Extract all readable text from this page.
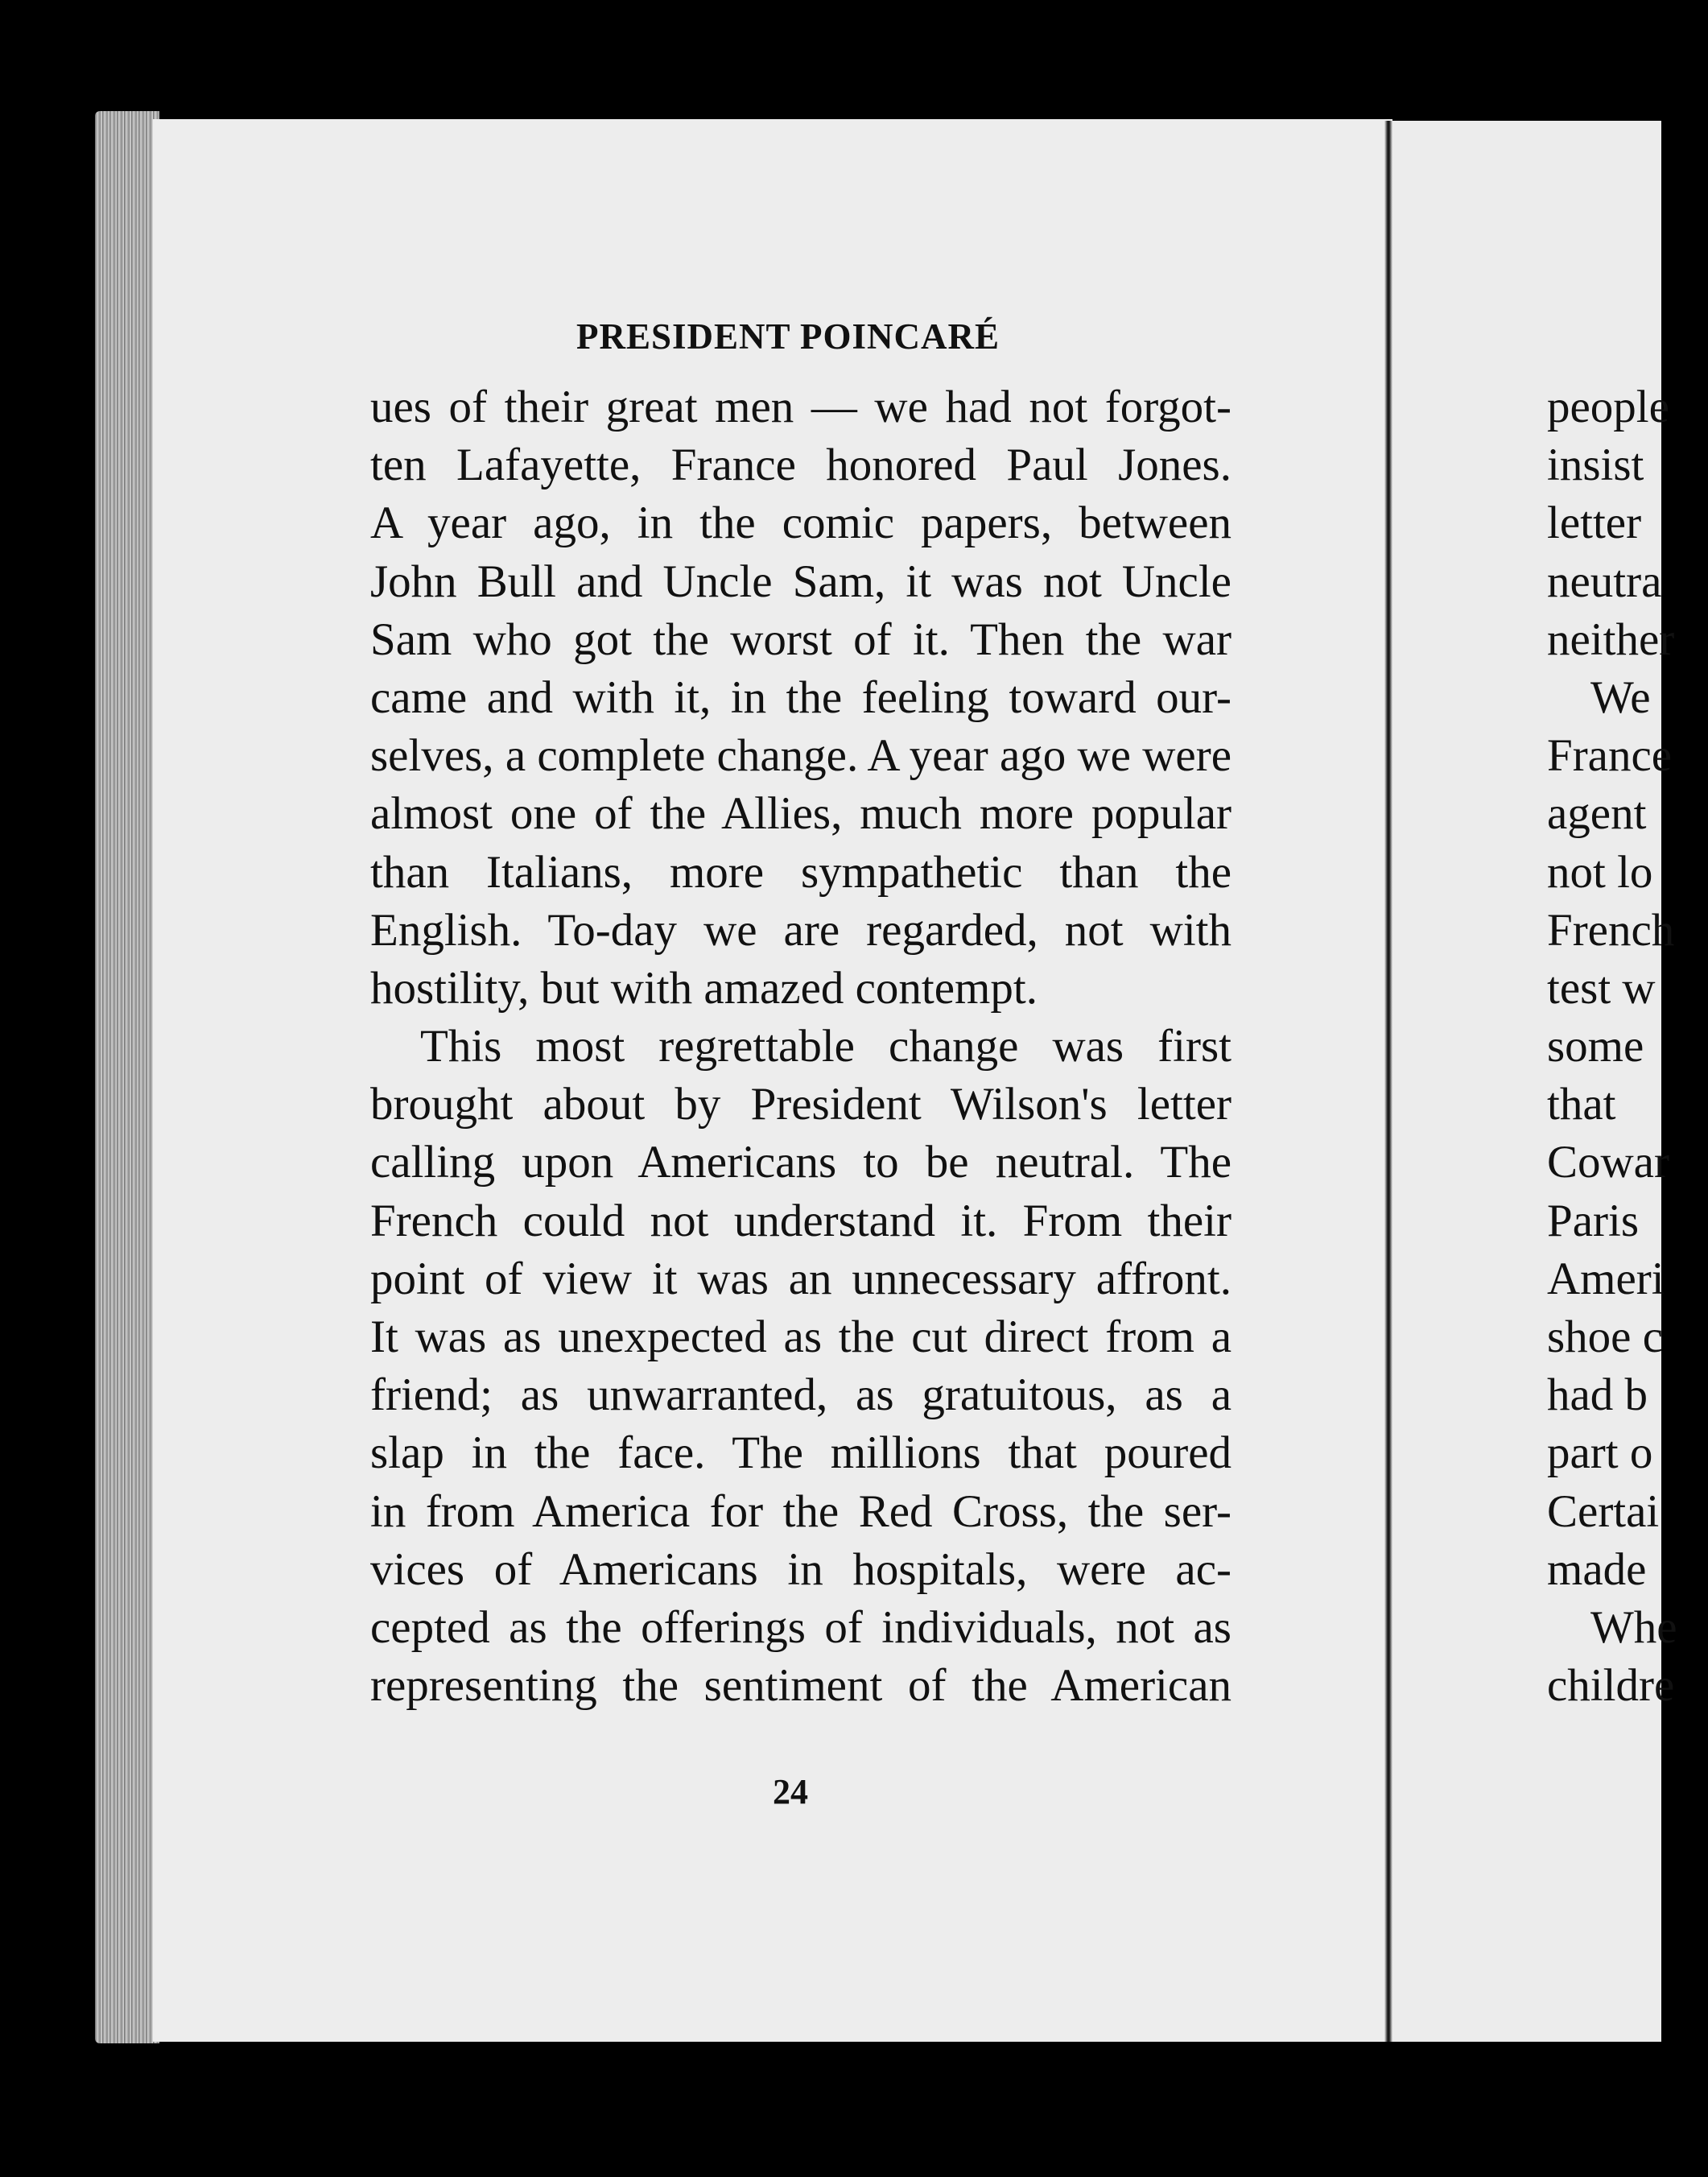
PRESIDENT POINCARÉ
ues of their great men — we had not forgot-
ten Lafayette, France honored Paul Jones.
A year ago, in the comic papers, between
John Bull and Uncle Sam, it was not Uncle
Sam who got the worst of it. Then the war
came and with it, in the feeling toward our-
selves, a complete change. A year ago we were
almost one of the Allies, much more popular
than Italians, more sympathetic than the
English. To-day we are regarded, not with
hostility, but with amazed contempt.
This most regrettable change was first
brought about by President Wilson's letter
calling upon Americans to be neutral. The
French could not understand it. From their
point of view it was an unnecessary affront.
It was as unexpected as the cut direct from a
friend; as unwarranted, as gratuitous, as a
slap in the face. The millions that poured
in from America for the Red Cross, the ser-
vices of Americans in hospitals, were ac-
cepted as the offerings of individuals, not as
representing the sentiment of the American
24
people
insist
letter
neutra
neither
We
France
agent
not lo
French
test w
some
that
Cowar
Paris
Ameri
shoe c
had b
part o
Certai
made
Whe
childre
